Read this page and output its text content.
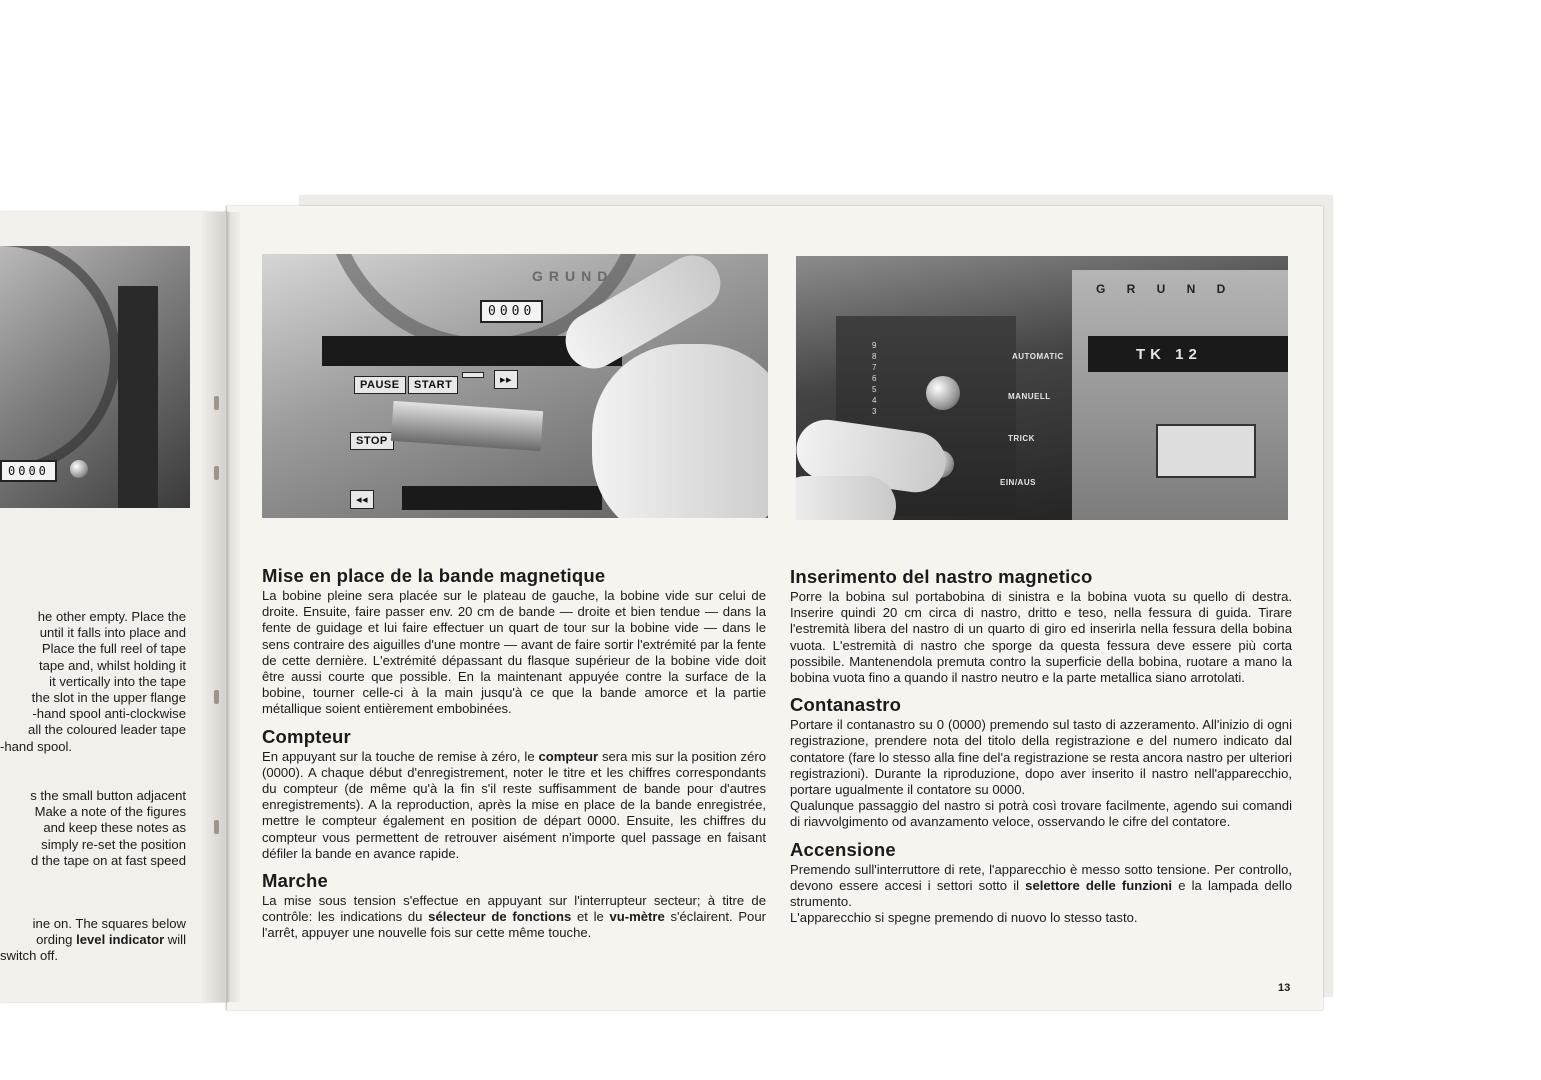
0000
GRUND
0000
PAUSE	START	▸▸
STOP
◂◂
G R U N D
TK 12
9
8
7
6
5
4
3
AUTOMATIC
MANUELL
TRICK
EIN/AUS

he other empty. Place the

until it falls into place and

Place the full reel of tape

tape and, whilst holding it

it vertically into the tape

the slot in the upper flange

-hand spool anti-clockwise

all the coloured leader tape

-hand spool.

s the small button adjacent

Make a note of the figures

and keep these notes as

simply re-set the position

d the tape on at fast speed

ine on. The squares below

ording level indicator will

switch off.

Mise en place de la bande magnetique

La bobine pleine sera placée sur le plateau de gauche, la bobine vide sur celui de droite. Ensuite, faire passer env. 20 cm de bande — droite et bien tendue — dans la fente de guidage et lui faire effectuer un quart de tour sur la bobine vide — dans le sens contraire des aiguilles d'une montre — avant de faire sortir l'extrémité par la fente de cette dernière. L'extrémité dépassant du flasque supérieur de la bobine vide doit être aussi courte que possible. En la maintenant appuyée contre la surface de la bobine, tourner celle-ci à la main jusqu'à ce que la bande amorce et la partie métallique soient entièrement embobinées.

Compteur

En appuyant sur la touche de remise à zéro, le compteur sera mis sur la position zéro (0000). A chaque début d'enregistrement, noter le titre et les chiffres correspondants du compteur (de même qu'à la fin s'il reste suffisamment de bande pour d'autres enregistrements). A la reproduction, après la mise en place de la bande enregistrée, mettre le compteur également en position de départ 0000. Ensuite, les chiffres du compteur vous permettent de retrouver aisément n'importe quel passage en faisant défiler la bande en avance rapide.

Marche

La mise sous tension s'effectue en appuyant sur l'interrupteur secteur; à titre de contrôle: les indications du sélecteur de fonctions et le vu-mètre s'éclairent. Pour l'arrêt, appuyer une nouvelle fois sur cette même touche.

Inserimento del nastro magnetico

Porre la bobina sul portabobina di sinistra e la bobina vuota su quello di destra. Inserire quindi 20 cm circa di nastro, dritto e teso, nella fessura di guida. Tirare l'estremità libera del nastro di un quarto di giro ed inserirla nella fessura della bobina vuota. L'estremità di nastro che sporge da questa fessura deve essere più corta possibile. Mantenendola premuta contro la superficie della bobina, ruotare a mano la bobina vuota fino a quando il nastro neutro e la parte metallica siano arrotolati.

Contanastro

Portare il contanastro su 0 (0000) premendo sul tasto di azzeramento. All'inizio di ogni registrazione, prendere nota del titolo della registrazione e del numero indicato dal contatore (fare lo stesso alla fine del'a registrazione se resta ancora nastro per ulteriori registrazioni). Durante la riproduzione, dopo aver inserito il nastro nell'apparecchio, portare ugualmente il contatore su 0000.

Qualunque passaggio del nastro si potrà così trovare facilmente, agendo sui comandi di riavvolgimento od avanzamento veloce, osservando le cifre del contatore.

Accensione

Premendo sull'interruttore di rete, l'apparecchio è messo sotto tensione. Per controllo, devono essere accesi i settori sotto il selettore delle funzioni e la lampada dello strumento.

L'apparecchio si spegne premendo di nuovo lo stesso tasto.

13
